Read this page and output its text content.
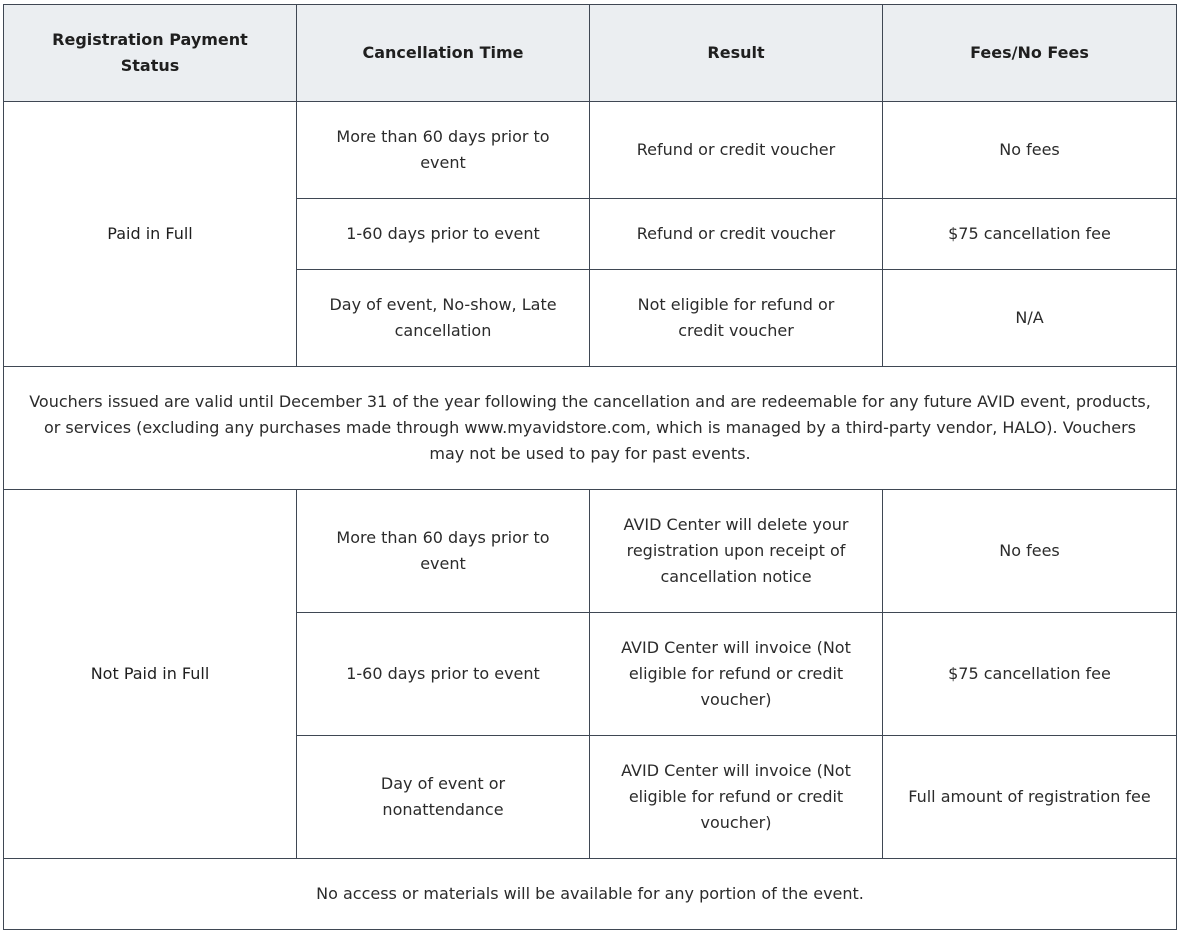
Registration Payment Status	Cancellation Time	Result	Fees/No Fees
Paid in Full	More than 60 days prior to event	Refund or credit voucher	No fees
	1-60 days prior to event	Refund or credit voucher	$75 cancellation fee
	Day of event, No-show, Late cancellation	Not eligible for refund or credit voucher	N/A
Vouchers issued are valid until December 31 of the year following the cancellation and are redeemable for any future AVID event, products, or services (excluding any purchases made through www.myavidstore.com, which is managed by a third-party vendor, HALO). Vouchers may not be used to pay for past events.			
Not Paid in Full	More than 60 days prior to event	AVID Center will delete your registration upon receipt of cancellation notice	No fees
	1-60 days prior to event	AVID Center will invoice (Not eligible for refund or credit voucher)	$75 cancellation fee
	Day of event or nonattendance	AVID Center will invoice (Not eligible for refund or credit voucher)	Full amount of registration fee
No access or materials will be available for any portion of the event.			
